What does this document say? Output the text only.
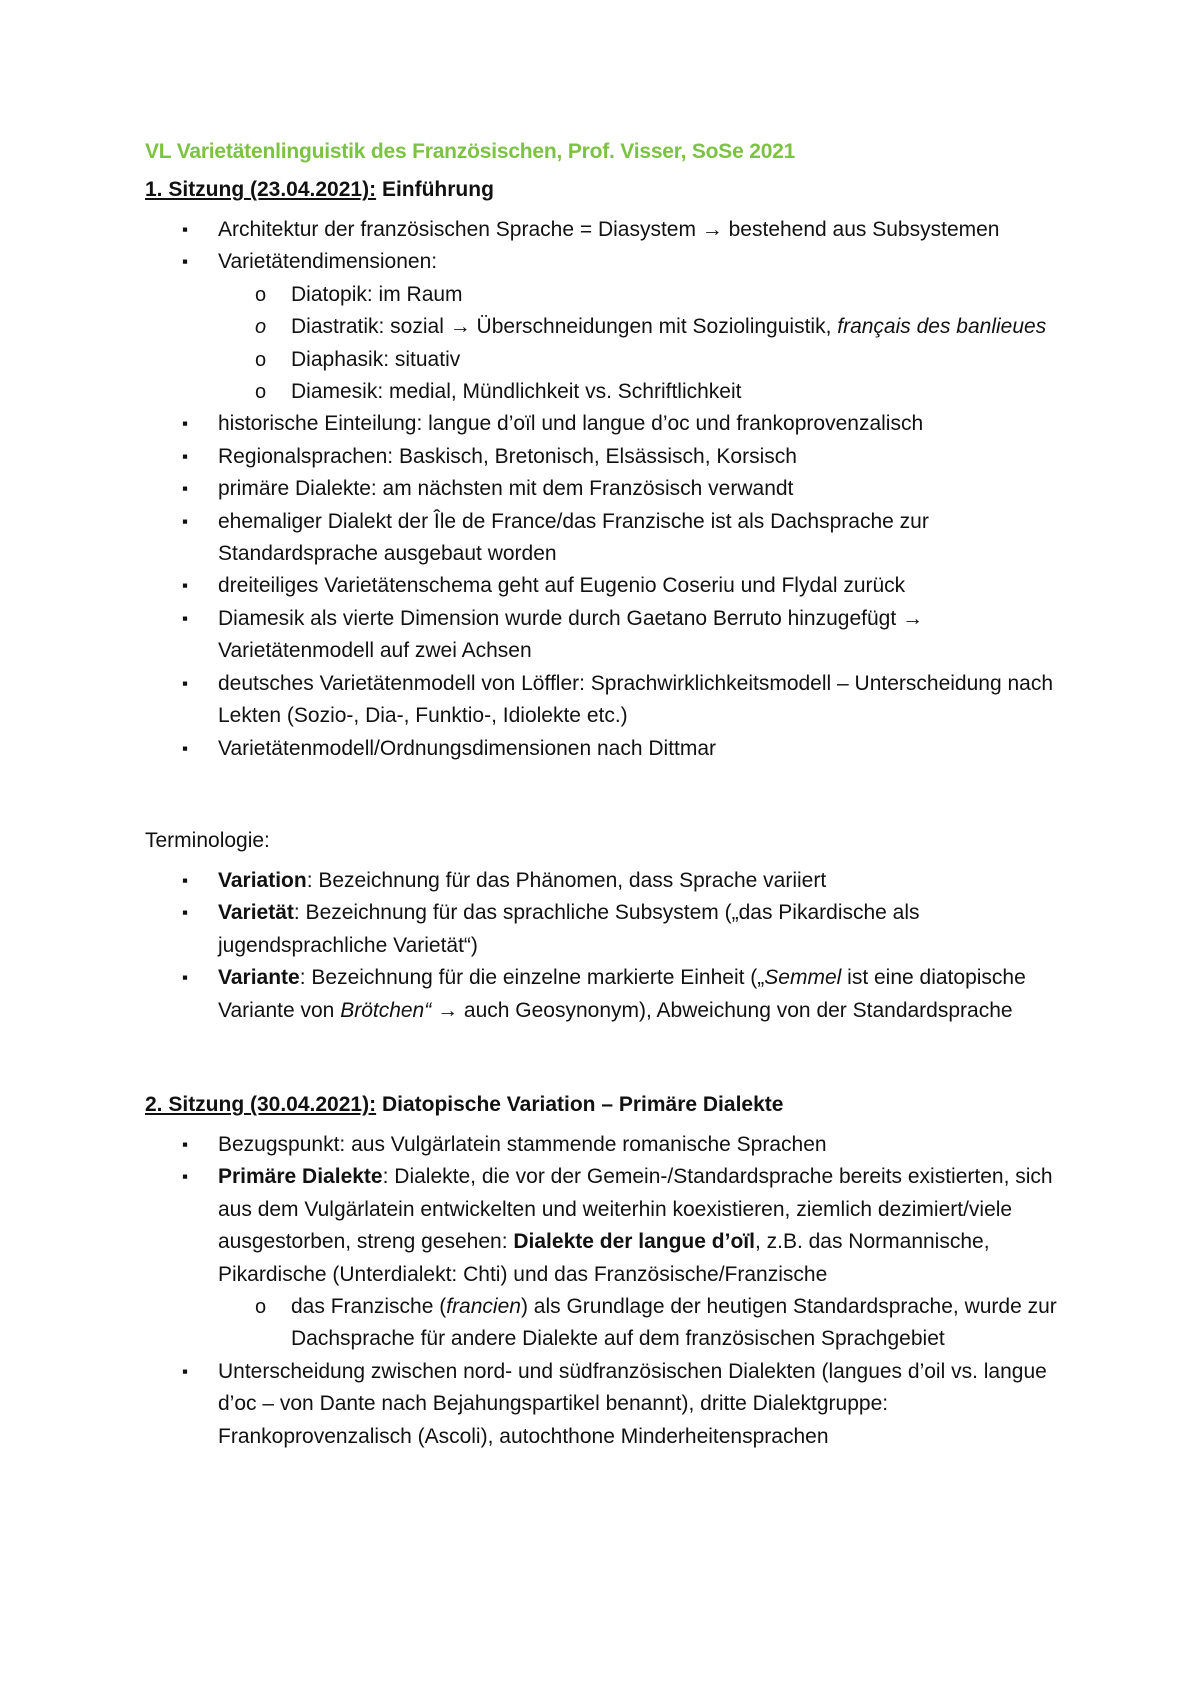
VL Varietätenlinguistik des Französischen, Prof. Visser, SoSe 2021
1. Sitzung (23.04.2021): Einführung
▪ Architektur der französischen Sprache = Diasystem → bestehend aus Subsystemen
▪ Varietätendimensionen:
o Diatopik: im Raum
o Diastratik: sozial → Überschneidungen mit Soziolinguistik, français des banlieues
o Diaphasik: situativ
o Diamesik: medial, Mündlichkeit vs. Schriftlichkeit
▪ historische Einteilung: langue d’oïl und langue d’oc und frankoprovenzalisch
▪ Regionalsprachen: Baskisch, Bretonisch, Elsässisch, Korsisch
▪ primäre Dialekte: am nächsten mit dem Französisch verwandt
▪ ehemaliger Dialekt der Île de France/das Franzische ist als Dachsprache zur Standardsprache ausgebaut worden
▪ dreiteiliges Varietätenschema geht auf Eugenio Coseriu und Flydal zurück
▪ Diamesik als vierte Dimension wurde durch Gaetano Berruto hinzugefügt → Varietätenmodell auf zwei Achsen
▪ deutsches Varietätenmodell von Löffler: Sprachwirklichkeitsmodell – Unterscheidung nach Lekten (Sozio-, Dia-, Funktio-, Idiolekte etc.)
▪ Varietätenmodell/Ordnungsdimensionen nach Dittmar
Terminologie:
▪ Variation: Bezeichnung für das Phänomen, dass Sprache variiert
▪ Varietät: Bezeichnung für das sprachliche Subsystem („das Pikardische als jugendsprachliche Varietät“)
▪ Variante: Bezeichnung für die einzelne markierte Einheit („Semmel ist eine diatopische Variante von Brötchen“ → auch Geosynonym), Abweichung von der Standardsprache
2. Sitzung (30.04.2021): Diatopische Variation – Primäre Dialekte
▪ Bezugspunkt: aus Vulgärlatein stammende romanische Sprachen
▪ Primäre Dialekte: Dialekte, die vor der Gemein-/Standardsprache bereits existierten, sich aus dem Vulgärlatein entwickelten und weiterhin koexistieren, ziemlich dezimiert/viele ausgestorben, streng gesehen: Dialekte der langue d’oïl, z.B. das Normannische, Pikardische (Unterdialekt: Chti) und das Französische/Franzische
o das Franzische (francien) als Grundlage der heutigen Standardsprache, wurde zur Dachsprache für andere Dialekte auf dem französischen Sprachgebiet
▪ Unterscheidung zwischen nord- und südfranzösischen Dialekten (langues d’oil vs. langue d’oc – von Dante nach Bejahungspartikel benannt), dritte Dialektgruppe: Frankoprovenzalisch (Ascoli), autochthone Minderheitensprachen
